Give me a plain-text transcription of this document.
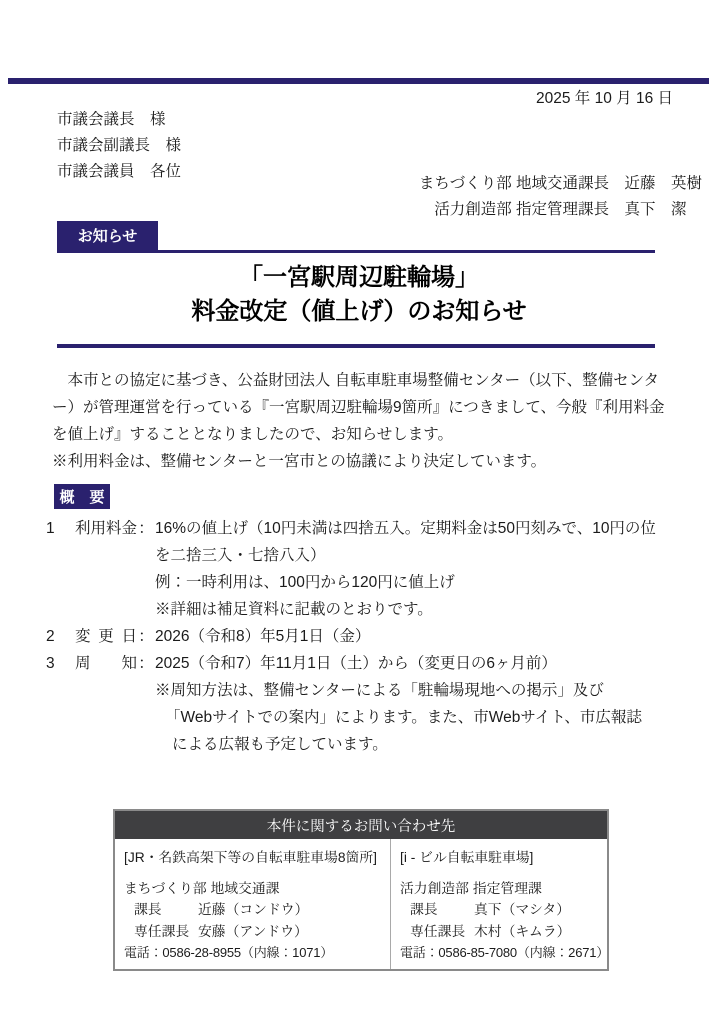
2025 年 10 月 16 日
市議会議長　様
市議会副議長　様
市議会議員　各位
まちづくり部 地域交通課長　近藤　英樹
活力創造部 指定管理課長　真下　潔　
お知らせ
「一宮駅周辺駐輪場」
料金改定（値上げ）のお知らせ
　本市との協定に基づき、公益財団法人 自転車駐車場整備センター（以下、整備センタ
ー）が管理運営を行っている『一宮駅周辺駐輪場9箇所』につきまして、今般『利用料金
を値上げ』することとなりましたので、お知らせします。
※利用料金は、整備センターと一宮市との協議により決定しています。
概　要
1	利用料金 ： 16%の値上げ（10円未満は四捨五入。定期料金は50円刻みで、10円の位
を二捨三入・七捨八入）
例：一時利用は、100円から120円に値上げ
※詳細は補足資料に記載のとおりです。
2	変更日 ： 2026（令和8）年5月1日（金）
3	周知 ： 2025（令和7）年11月1日（土）から（変更日の6ヶ月前）
※周知方法は、整備センターによる「駐輪場現地への掲示」及び
「Webサイトでの案内」によります。また、市Webサイト、市広報誌
による広報も予定しています。
本件に関するお問い合わせ先
[JR・名鉄高架下等の自転車駐車場8箇所]
まちづくり部 地域交通課
課長	近藤（コンドウ）
専任課長 安藤（アンドウ）
電話：0586-28-8955（内線：1071）
[i - ビル自転車駐車場]
活力創造部 指定管理課
課長	真下（マシタ）
専任課長 木村（キムラ）
電話：0586-85-7080（内線：2671）
